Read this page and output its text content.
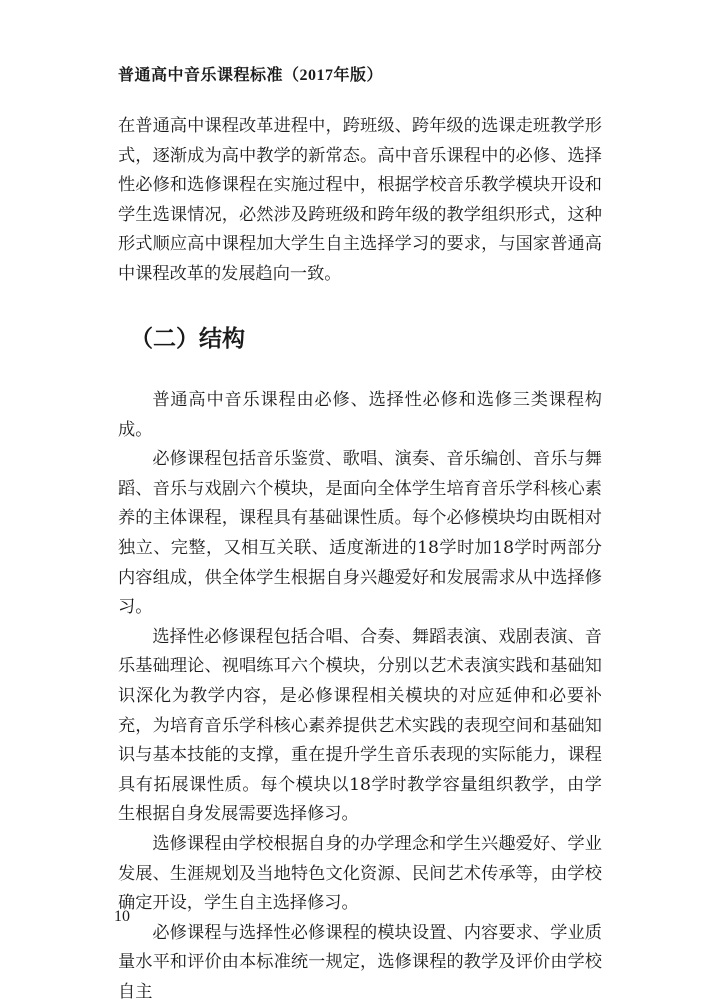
普通高中音乐课程标准（2017年版）

在普通高中课程改革进程中，跨班级、跨年级的选课走班教学形式，逐渐成为高中教学的新常态。高中音乐课程中的必修、选择性必修和选修课程在实施过程中，根据学校音乐教学模块开设和学生选课情况，必然涉及跨班级和跨年级的教学组织形式，这种形式顺应高中课程加大学生自主选择学习的要求，与国家普通高中课程改革的发展趋向一致。

（二）结构

普通高中音乐课程由必修、选择性必修和选修三类课程构成。

必修课程包括音乐鉴赏、歌唱、演奏、音乐编创、音乐与舞蹈、音乐与戏剧六个模块，是面向全体学生培育音乐学科核心素养的主体课程，课程具有基础课性质。每个必修模块均由既相对独立、完整，又相互关联、适度渐进的18学时加18学时两部分内容组成，供全体学生根据自身兴趣爱好和发展需求从中选择修习。

选择性必修课程包括合唱、合奏、舞蹈表演、戏剧表演、音乐基础理论、视唱练耳六个模块，分别以艺术表演实践和基础知识深化为教学内容，是必修课程相关模块的对应延伸和必要补充，为培育音乐学科核心素养提供艺术实践的表现空间和基础知识与基本技能的支撑，重在提升学生音乐表现的实际能力，课程具有拓展课性质。每个模块以18学时教学容量组织教学，由学生根据自身发展需要选择修习。

选修课程由学校根据自身的办学理念和学生兴趣爱好、学业发展、生涯规划及当地特色文化资源、民间艺术传承等，由学校确定开设，学生自主选择修习。

必修课程与选择性必修课程的模块设置、内容要求、学业质量水平和评价由本标准统一规定，选修课程的教学及评价由学校自主

10
